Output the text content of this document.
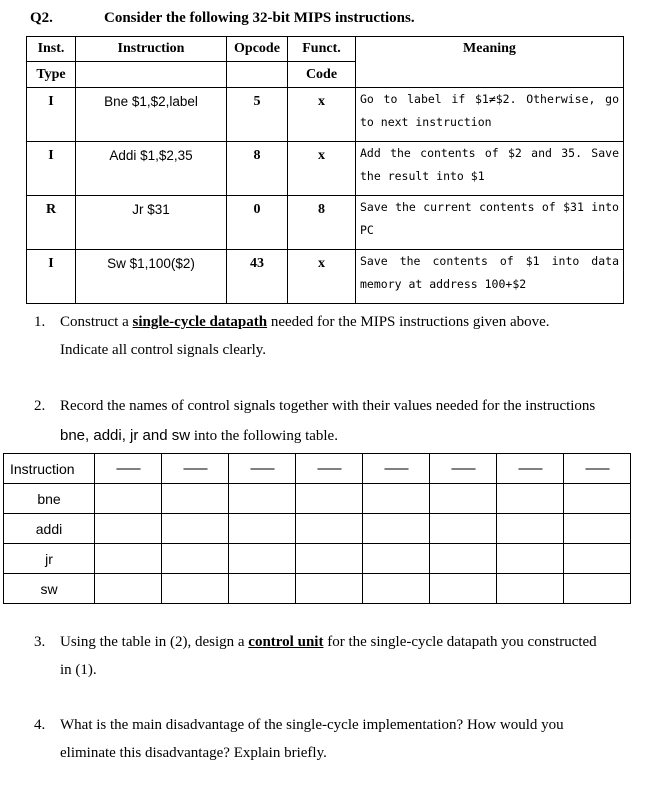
Q2.	Consider the following 32-bit MIPS instructions.
Inst.	Instruction	Opcode	Funct.	Meaning
Type			Code	
I	Bne $1,$2,label	5	x	Go to label if $1≠$2. Otherwise, go to next instruction
I	Addi $1,$2,35	8	x	Add the contents of $2 and 35. Save the result into $1
R	Jr $31	0	8	Save the current contents of $31 into PC
I	Sw $1,100($2)	43	x	Save the contents of $1 into data memory at address 100+$2
1. Construct a single-cycle datapath needed for the MIPS instructions given above.
Indicate all control signals clearly.
2. Record the names of control signals together with their values needed for the instructions
bne, addi, jr and sw into the following table.
Instruction	--------	--------	--------	--------	--------	--------	--------	--------
bne								
addi								
jr								
sw								
3. Using the table in (2), design a control unit for the single-cycle datapath you constructed
in (1).
4. What is the main disadvantage of the single-cycle implementation? How would you
eliminate this disadvantage? Explain briefly.
